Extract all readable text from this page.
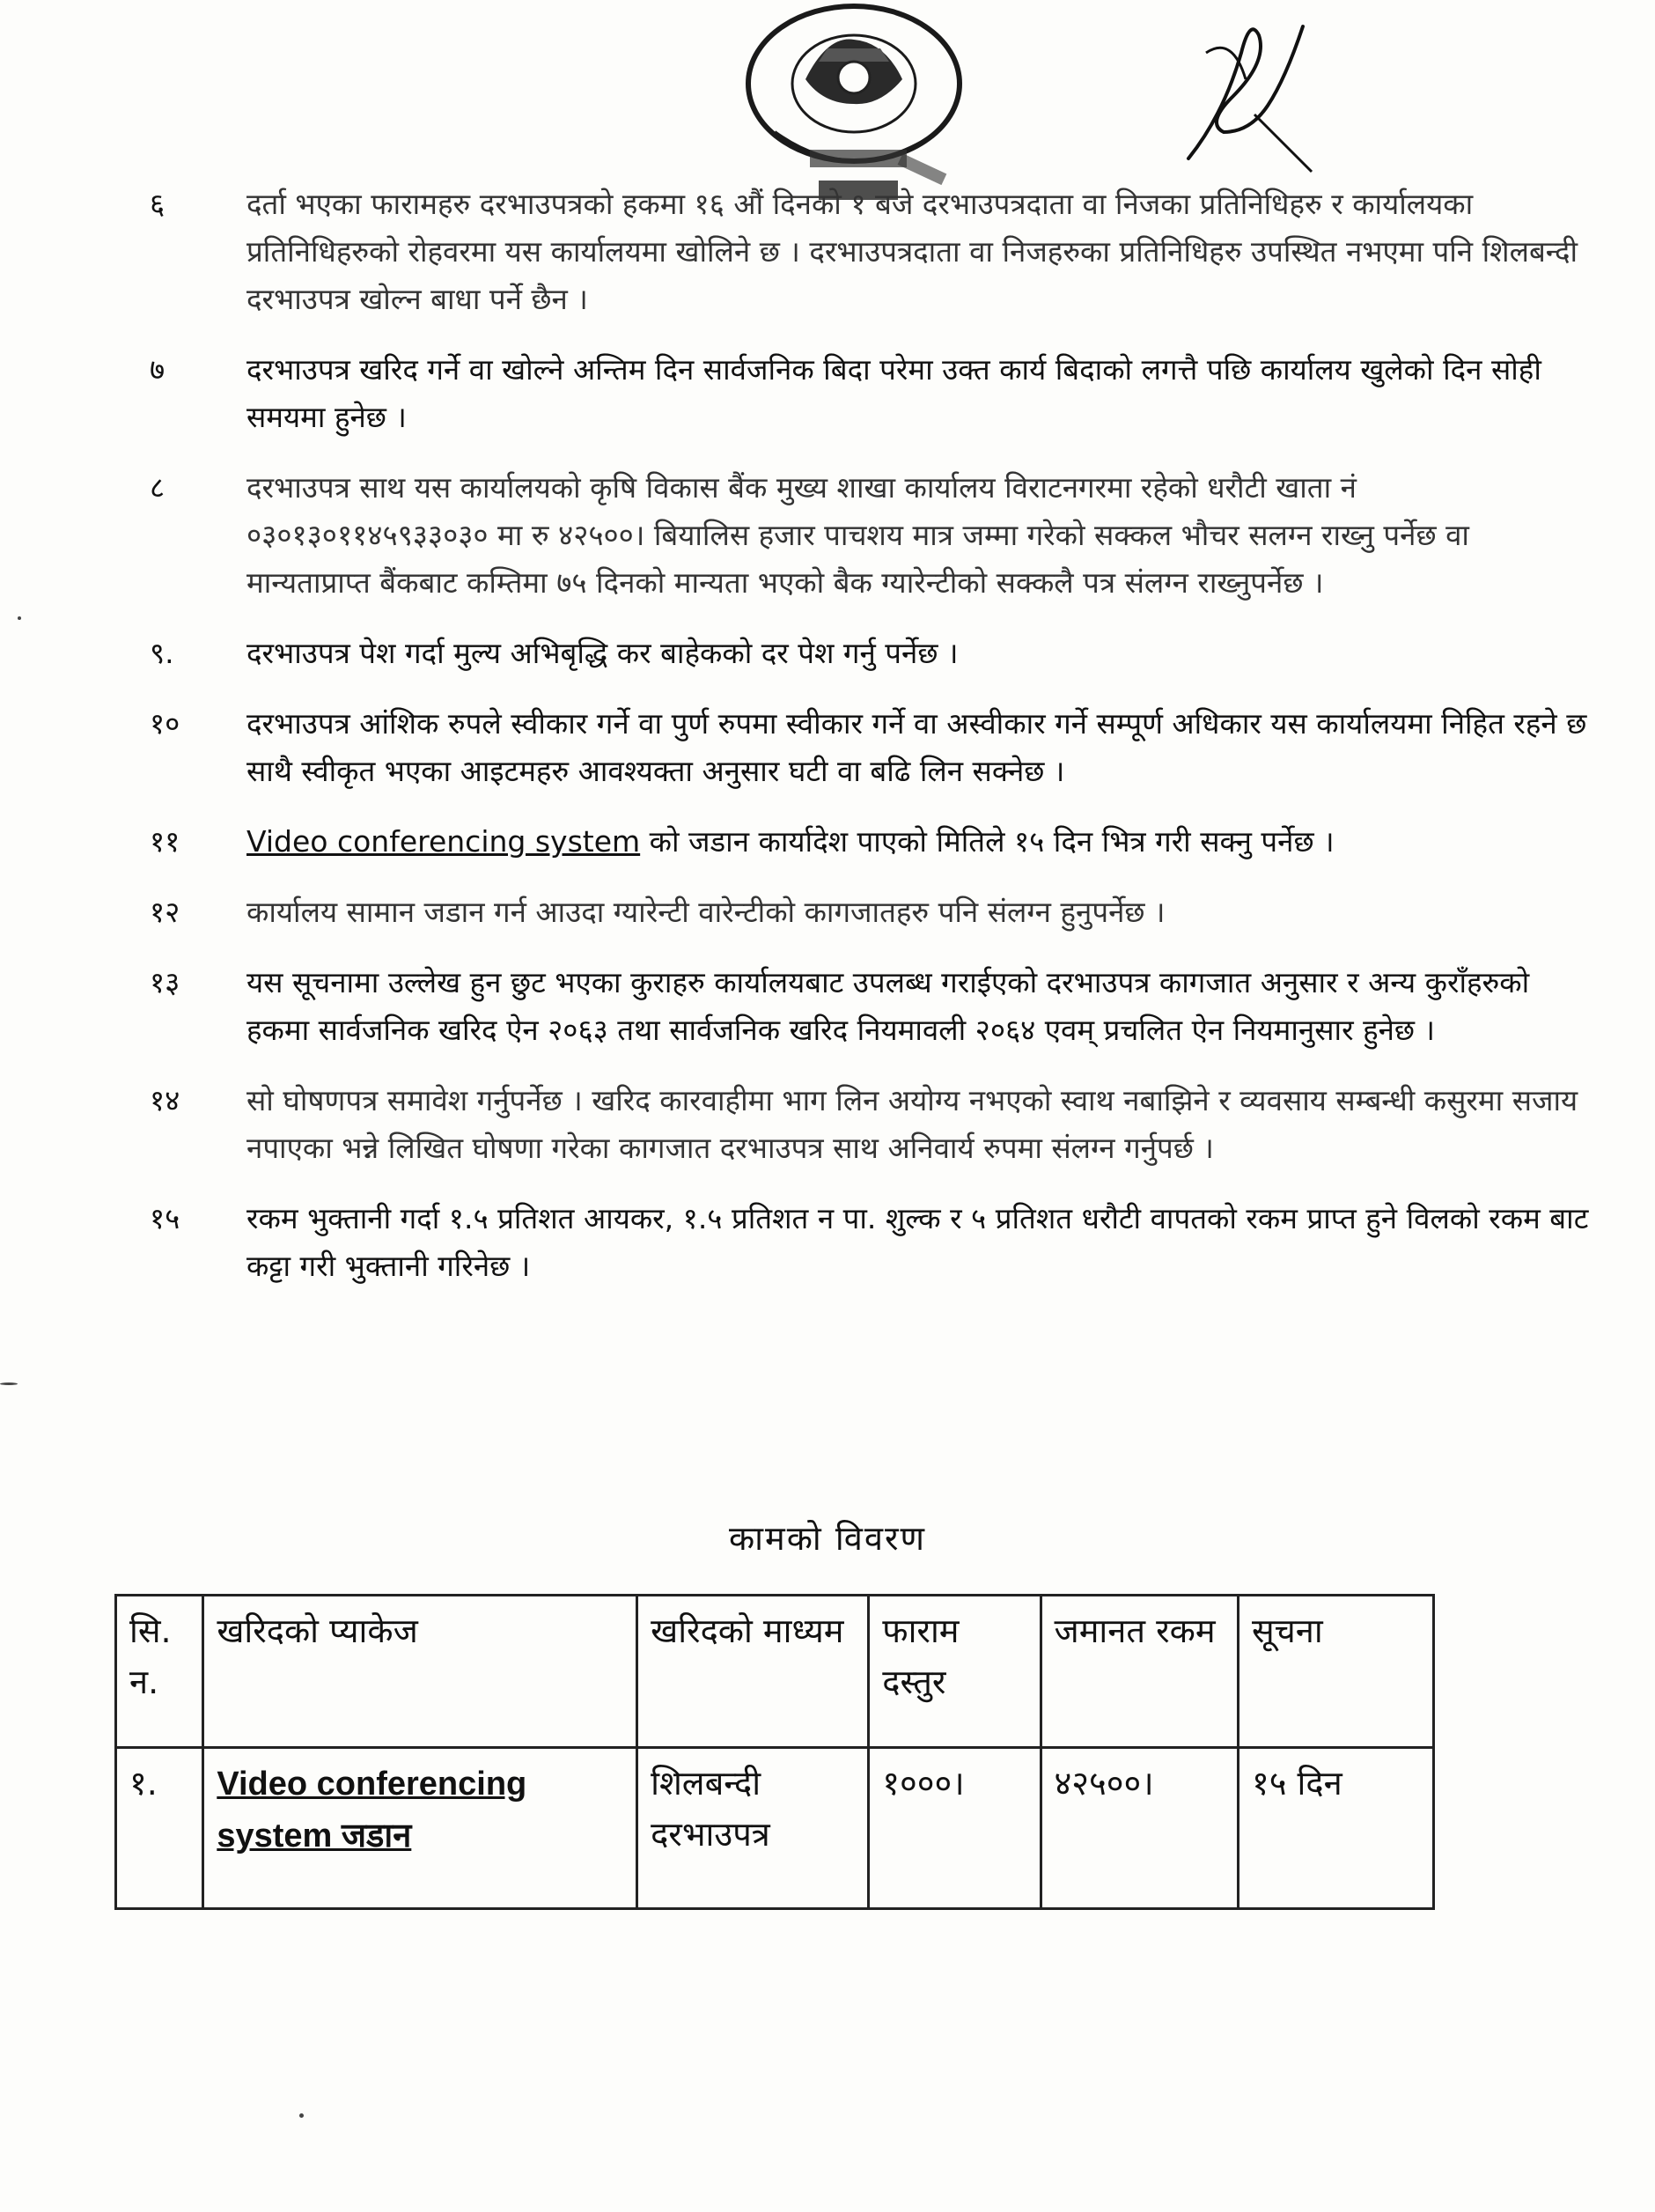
६	दर्ता भएका फारामहरु दरभाउपत्रको हकमा १६ औं दिनको १ बजे दरभाउपत्रदाता वा निजका प्रतिनिधिहरु र कार्यालयका प्रतिनिधिहरुको रोहवरमा यस कार्यालयमा खोलिने छ । दरभाउपत्रदाता वा निजहरुका प्रतिनिधिहरु उपस्थित नभएमा पनि शिलबन्दी दरभाउपत्र खोल्न बाधा पर्ने छैन ।
७	दरभाउपत्र खरिद गर्ने वा खोल्ने अन्तिम दिन सार्वजनिक बिदा परेमा उक्त कार्य बिदाको लगत्तै पछि कार्यालय खुलेको दिन सोही समयमा हुनेछ ।
८	दरभाउपत्र साथ यस कार्यालयको कृषि विकास बैंक मुख्य शाखा कार्यालय विराटनगरमा रहेको धरौटी खाता नं ०३०१३०११४५९३३०३० मा रु ४२५००। बियालिस हजार पाचशय मात्र जम्मा गरेको सक्कल भौचर सलग्न राख्नु पर्नेछ वा मान्यताप्राप्त बैंकबाट कम्तिमा ७५ दिनको मान्यता भएको बैक ग्यारेन्टीको सक्कलै पत्र संलग्न राख्नुपर्नेछ ।
९.	दरभाउपत्र पेश गर्दा मुल्य अभिबृद्धि कर बाहेकको दर पेश गर्नु पर्नेछ ।
१०	दरभाउपत्र आंशिक रुपले स्वीकार गर्ने वा पुर्ण रुपमा स्वीकार गर्ने वा अस्वीकार गर्ने सम्पूर्ण अधिकार यस कार्यालयमा निहित रहने छ साथै स्वीकृत भएका आइटमहरु आवश्यक्ता अनुसार घटी वा बढि लिन सक्नेछ ।
११	Video conferencing system को जडान कार्यादेश पाएको मितिले १५ दिन भित्र गरी सक्नु पर्नेछ ।
१२	कार्यालय सामान जडान गर्न आउदा ग्यारेन्टी वारेन्टीको कागजातहरु पनि संलग्न हुनुपर्नेछ ।
१३	यस सूचनामा उल्लेख हुन छुट भएका कुराहरु कार्यालयबाट उपलब्ध गराईएको दरभाउपत्र कागजात अनुसार र अन्य कुराँहरुको हकमा सार्वजनिक खरिद ऐन २०६३ तथा सार्वजनिक खरिद नियमावली २०६४ एवम् प्रचलित ऐन नियमानुसार हुनेछ ।
१४	सो घोषणपत्र समावेश गर्नुपर्नेछ । खरिद कारवाहीमा भाग लिन अयोग्य नभएको स्वाथ नबाझिने र व्यवसाय सम्बन्धी कसुरमा सजाय नपाएका भन्ने लिखित घोषणा गरेका कागजात दरभाउपत्र साथ अनिवार्य रुपमा संलग्न गर्नुपर्छ ।
१५	रकम भुक्तानी गर्दा १.५ प्रतिशत आयकर, १.५ प्रतिशत न पा. शुल्क र ५ प्रतिशत धरौटी वापतको रकम प्राप्त हुने विलको रकम बाट कट्टा गरी भुक्तानी गरिनेछ ।
कामको विवरण
सि. न.	खरिदको प्याकेज	खरिदको माध्यम	फाराम दस्तुर	जमानत रकम	सूचना
१.	Video conferencing system जडान	शिलबन्दी दरभाउपत्र	१०००।	४२५००।	१५ दिन
